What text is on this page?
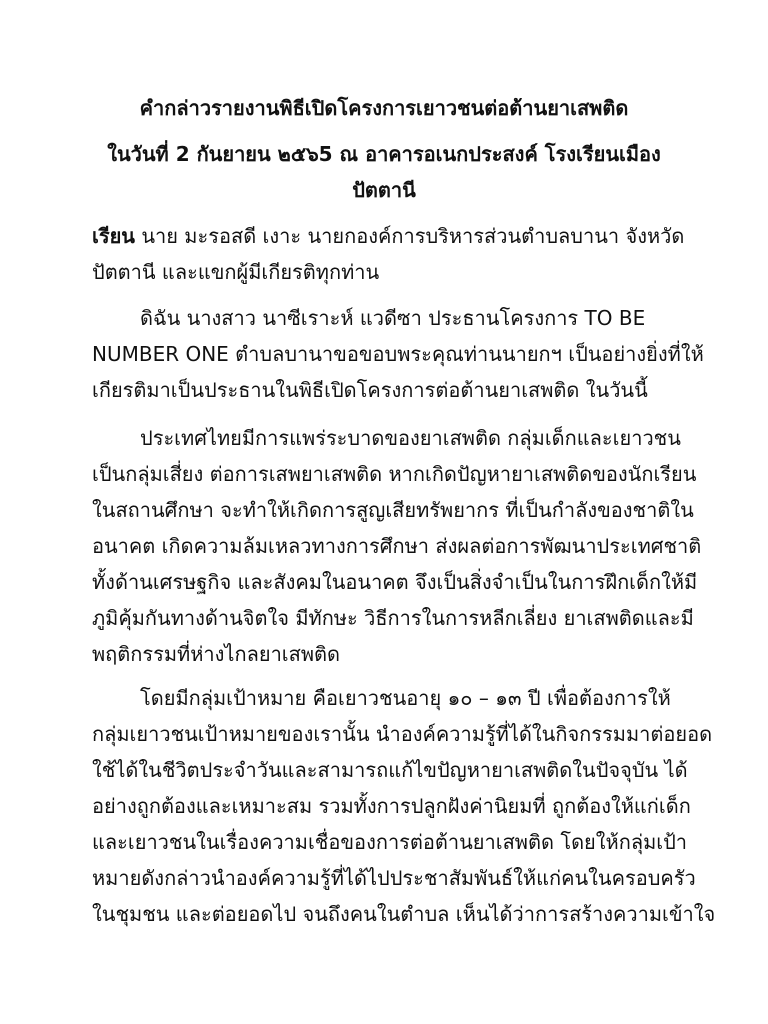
คำกล่าวรายงานพิธีเปิดโครงการเยาวชนต่อต้านยาเสพติด
ในวันที่ 2 กันยายน ๒๕๖5 ณ อาคารอเนกประสงค์ โรงเรียนเมือง
ปัตตานี
เรียน นาย มะรอสดี เงาะ นายกองค์การบริหารส่วนตำบลบานา จังหวัด
ปัตตานี และแขกผู้มีเกียรติทุกท่าน
ดิฉัน นางสาว นาซีเราะห์ แวดีซา ประธานโครงการ TO BE
NUMBER ONE ตำบลบานาขอขอบพระคุณท่านนายกฯ เป็นอย่างยิ่งที่ให้
เกียรติมาเป็นประธานในพิธีเปิดโครงการต่อต้านยาเสพติด ในวันนี้
ประเทศไทยมีการแพร่ระบาดของยาเสพติด กลุ่มเด็กและเยาวชน
เป็นกลุ่มเสี่ยง ต่อการเสพยาเสพติด หากเกิดปัญหายาเสพติดของนักเรียน
ในสถานศึกษา จะทำให้เกิดการสูญเสียทรัพยากร ที่เป็นกำลังของชาติใน
อนาคต เกิดความล้มเหลวทางการศึกษา ส่งผลต่อการพัฒนาประเทศชาติ
ทั้งด้านเศรษฐกิจ และสังคมในอนาคต จึงเป็นสิ่งจำเป็นในการฝึกเด็กให้มี
ภูมิคุ้มกันทางด้านจิตใจ มีทักษะ วิธีการในการหลีกเลี่ยง ยาเสพติดและมี
พฤติกรรมที่ห่างไกลยาเสพติด
โดยมีกลุ่มเป้าหมาย คือเยาวชนอายุ ๑๐ – ๑๓ ปี เพื่อต้องการให้
กลุ่มเยาวชนเป้าหมายของเรานั้น นำองค์ความรู้ที่ได้ในกิจกรรมมาต่อยอด
ใช้ได้ในชีวิตประจำวันและสามารถแก้ไขปัญหายาเสพติดในปัจจุบัน ได้
อย่างถูกต้องและเหมาะสม รวมทั้งการปลูกฝังค่านิยมที่ ถูกต้องให้แก่เด็ก
และเยาวชนในเรื่องความเชื่อของการต่อต้านยาเสพติด โดยให้กลุ่มเป้า
หมายดังกล่าวนำองค์ความรู้ที่ได้ไปประชาสัมพันธ์ให้แก่คนในครอบครัว
ในชุมชน และต่อยอดไป จนถึงคนในตำบล เห็นได้ว่าการสร้างความเข้าใจ
